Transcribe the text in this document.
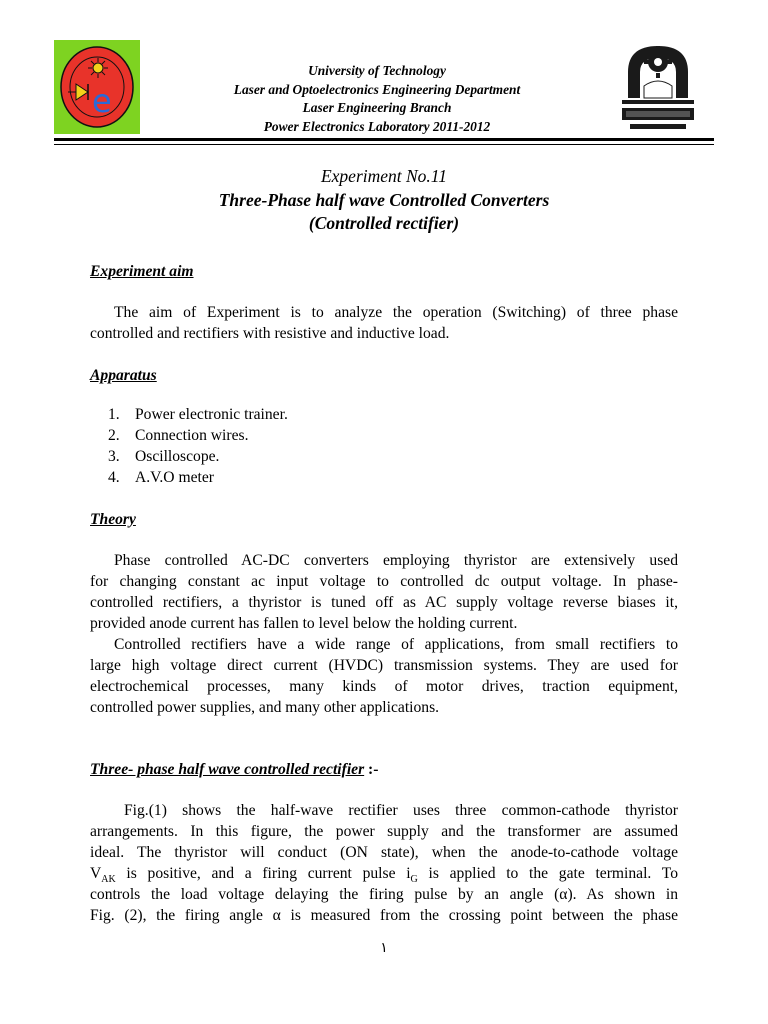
e
University of Technology
Laser and Optoelectronics Engineering Department
Laser Engineering Branch
Power Electronics Laboratory 2011-2012
Experiment No.11
Three-Phase half wave Controlled Converters
(Controlled rectifier)
Experiment aim
The aim of Experiment is to analyze the operation (Switching) of three phase
controlled and rectifiers with resistive and inductive load.
Apparatus
1. Power electronic trainer.
2. Connection wires.
3. Oscilloscope.
4. A.V.O meter
Theory
Phase controlled AC-DC converters employing thyristor are extensively used
for changing constant ac input voltage to controlled dc output voltage. In phase-
controlled rectifiers, a thyristor is tuned off as AC supply voltage reverse biases it,
provided anode current has fallen to level below the holding current.
Controlled rectifiers have a wide range of applications, from small rectifiers to
large high voltage direct current (HVDC) transmission systems. They are used for
electrochemical processes, many kinds of motor drives, traction equipment,
controlled power supplies, and many other applications.
Three- phase half wave controlled rectifier :-
Fig.(1) shows the half-wave rectifier uses three common-cathode thyristor
arrangements. In this figure, the power supply and the transformer are assumed
ideal. The thyristor will conduct (ON state), when the anode-to-cathode voltage
$V_{AK}$ is positive, and a firing current pulse $i_G$ is applied to the gate terminal. To
controls the load voltage delaying the firing pulse by an angle (α). As shown in
Fig. (2), the firing angle α is measured from the crossing point between the phase
١
